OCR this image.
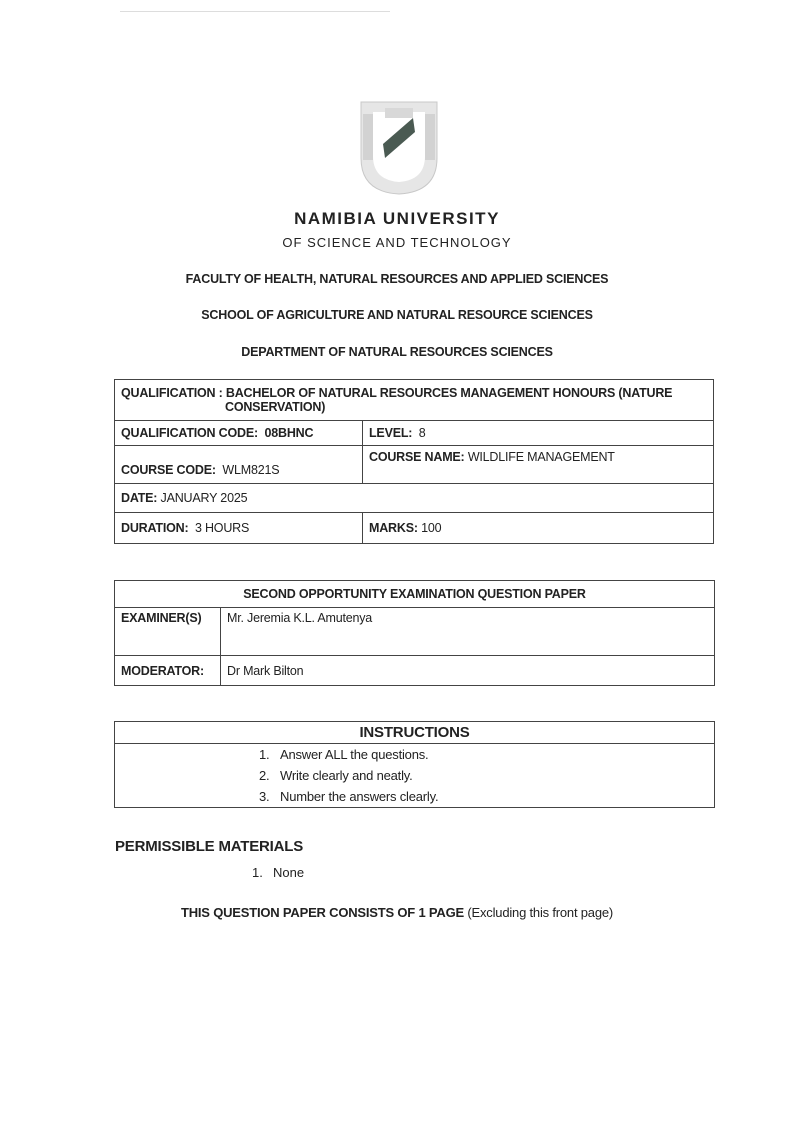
NAMIBIA UNIVERSITY
OF SCIENCE AND TECHNOLOGY
FACULTY OF HEALTH, NATURAL RESOURCES AND APPLIED SCIENCES
SCHOOL OF AGRICULTURE AND NATURAL RESOURCE SCIENCES
DEPARTMENT OF NATURAL RESOURCES SCIENCES
QUALIFICATION : BACHELOR OF NATURAL RESOURCES MANAGEMENT HONOURS (NATURE
CONSERVATION)	

QUALIFICATION CODE: 08BHNC	LEVEL: 8
COURSE CODE: WLM821S	COURSE NAME: WILDLIFE MANAGEMENT
DATE: JANUARY 2025	
DURATION: 3 HOURS	MARKS: 100
SECOND OPPORTUNITY EXAMINATION QUESTION PAPER	
EXAMINER(S)	Mr. Jeremia K.L. Amutenya
MODERATOR:	Dr Mark Bilton
INSTRUCTIONS

1. Answer ALL the questions.
2. Write clearly and neatly.
3. Number the answers clearly.
PERMISSIBLE MATERIALS
1. None
THIS QUESTION PAPER CONSISTS OF 1 PAGE (Excluding this front page)
